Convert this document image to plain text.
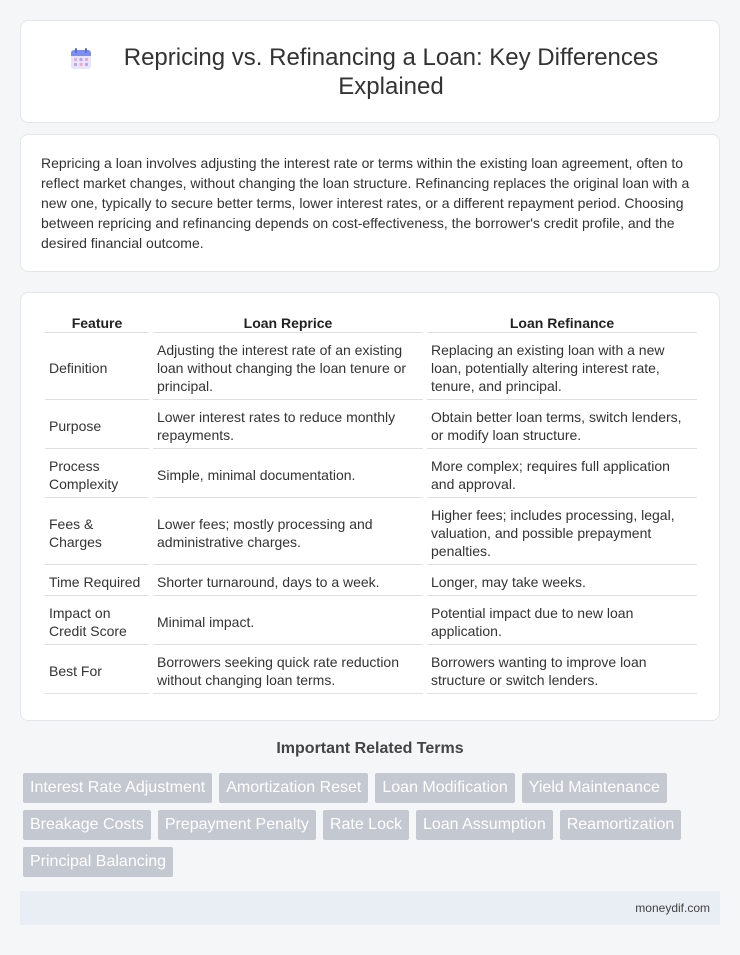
Repricing vs. Refinancing a Loan: Key Differences Explained

Repricing a loan involves adjusting the interest rate or terms within the existing loan agreement, often to reflect market changes, without changing the loan structure. Refinancing replaces the original loan with a new one, typically to secure better terms, lower interest rates, or a different repayment period. Choosing between repricing and refinancing depends on cost-effectiveness, the borrower's credit profile, and the desired financial outcome.

Feature	Loan Reprice	Loan Refinance
Definition	Adjusting the interest rate of an existing loan without changing the loan tenure or principal.	Replacing an existing loan with a new loan, potentially altering interest rate, tenure, and principal.
Purpose	Lower interest rates to reduce monthly repayments.	Obtain better loan terms, switch lenders, or modify loan structure.
Process Complexity	Simple, minimal documentation.	More complex; requires full application and approval.
Fees & Charges	Lower fees; mostly processing and administrative charges.	Higher fees; includes processing, legal, valuation, and possible prepayment penalties.
Time Required	Shorter turnaround, days to a week.	Longer, may take weeks.
Impact on Credit Score	Minimal impact.	Potential impact due to new loan application.
Best For	Borrowers seeking quick rate reduction without changing loan terms.	Borrowers wanting to improve loan structure or switch lenders.
Important Related Terms
Interest Rate Adjustment	Amortization Reset	Loan Modification	Yield Maintenance
Breakage Costs	Prepayment Penalty	Rate Lock	Loan Assumption	Reamortization
Principal Balancing
moneydif.com
